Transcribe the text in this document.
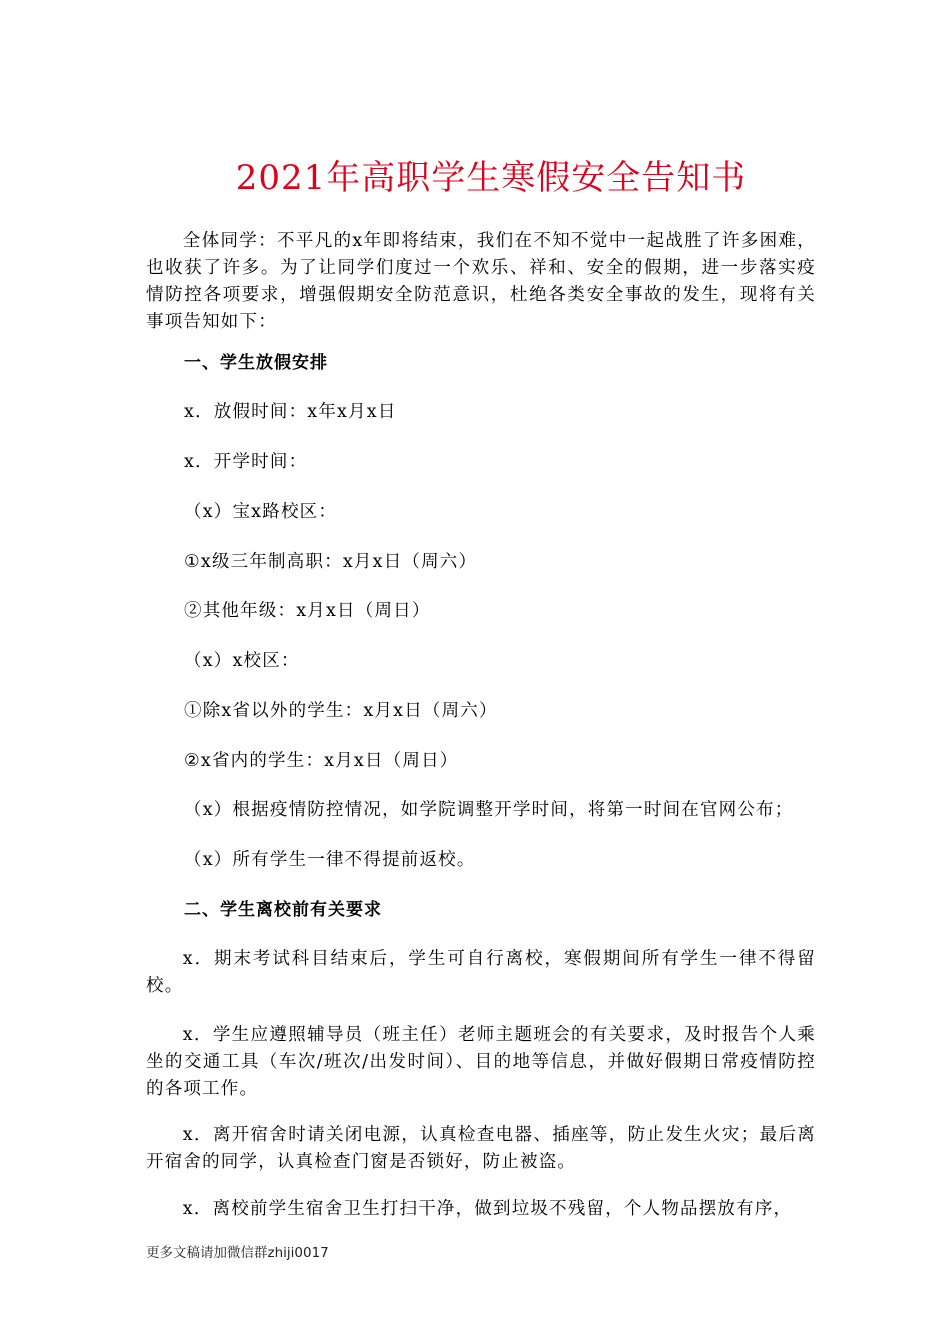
2021年高职学生寒假安全告知书

全体同学：不平凡的x年即将结束，我们在不知不觉中一起战胜了许多困难，也收获了许多。为了让同学们度过一个欢乐、祥和、安全的假期，进一步落实疫情防控各项要求，增强假期安全防范意识，杜绝各类安全事故的发生，现将有关事项告知如下：

一、学生放假安排

x．放假时间：x年x月x日

x．开学时间：

（x）宝x路校区：

①x级三年制高职：x月x日（周六）

②其他年级：x月x日（周日）

（x）x校区：

①除x省以外的学生：x月x日（周六）

②x省内的学生：x月x日（周日）

（x）根据疫情防控情况，如学院调整开学时间，将第一时间在官网公布；

（x）所有学生一律不得提前返校。

二、学生离校前有关要求

x．期末考试科目结束后，学生可自行离校，寒假期间所有学生一律不得留校。

x．学生应遵照辅导员（班主任）老师主题班会的有关要求，及时报告个人乘坐的交通工具（车次/班次/出发时间）、目的地等信息，并做好假期日常疫情防控的各项工作。

x．离开宿舍时请关闭电源，认真检查电器、插座等，防止发生火灾；最后离开宿舍的同学，认真检查门窗是否锁好，防止被盗。

x．离校前学生宿舍卫生打扫干净，做到垃圾不残留，个人物品摆放有序，

更多文稿请加微信群zhiji0017
